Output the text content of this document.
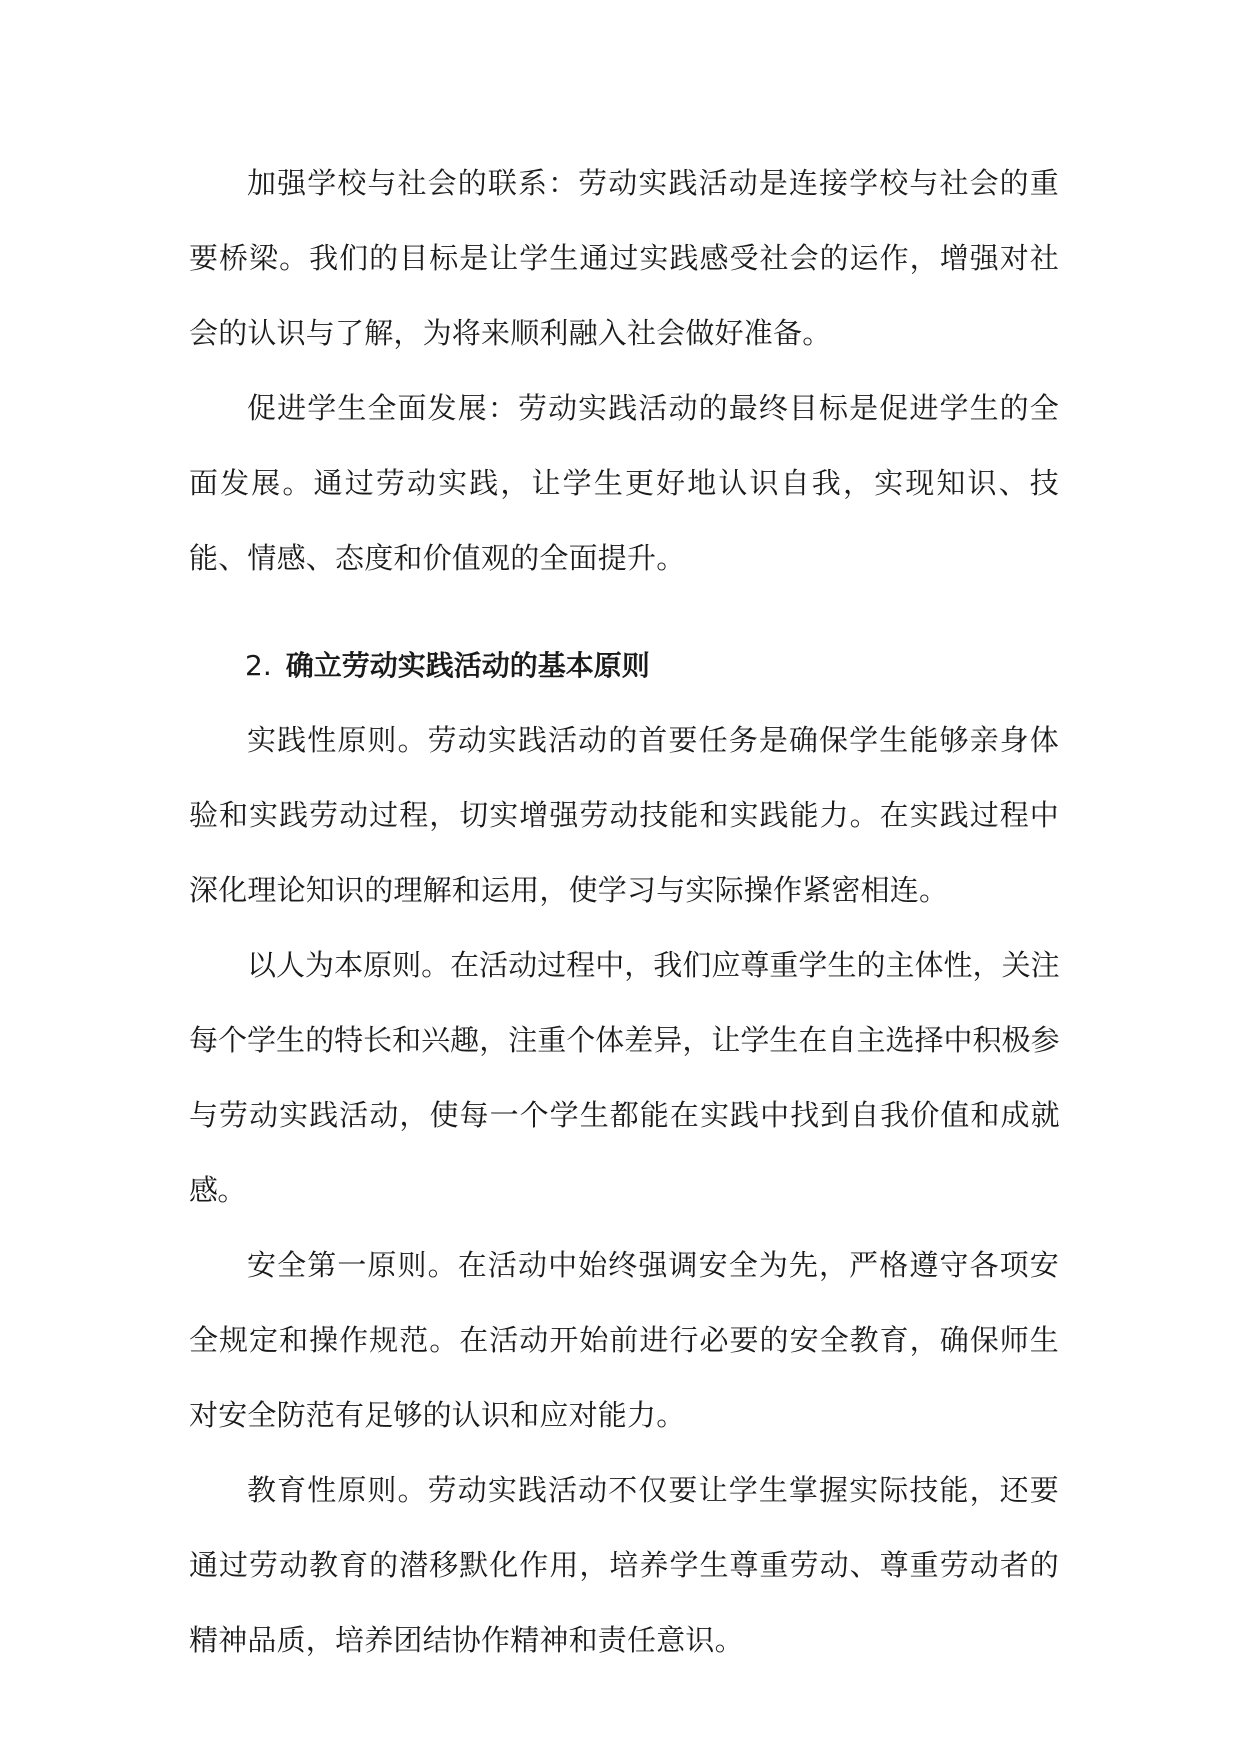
加强学校与社会的联系：劳动实践活动是连接学校与社会的重要桥梁。我们的目标是让学生通过实践感受社会的运作，增强对社会的认识与了解，为将来顺利融入社会做好准备。

促进学生全面发展：劳动实践活动的最终目标是促进学生的全面发展。通过劳动实践，让学生更好地认识自我，实现知识、技能、情感、态度和价值观的全面提升。

2. 确立劳动实践活动的基本原则

实践性原则。劳动实践活动的首要任务是确保学生能够亲身体验和实践劳动过程，切实增强劳动技能和实践能力。在实践过程中深化理论知识的理解和运用，使学习与实际操作紧密相连。

以人为本原则。在活动过程中，我们应尊重学生的主体性，关注每个学生的特长和兴趣，注重个体差异，让学生在自主选择中积极参与劳动实践活动，使每一个学生都能在实践中找到自我价值和成就感。

安全第一原则。在活动中始终强调安全为先，严格遵守各项安全规定和操作规范。在活动开始前进行必要的安全教育，确保师生对安全防范有足够的认识和应对能力。

教育性原则。劳动实践活动不仅要让学生掌握实际技能，还要通过劳动教育的潜移默化作用，培养学生尊重劳动、尊重劳动者的精神品质，培养团结协作精神和责任意识。
